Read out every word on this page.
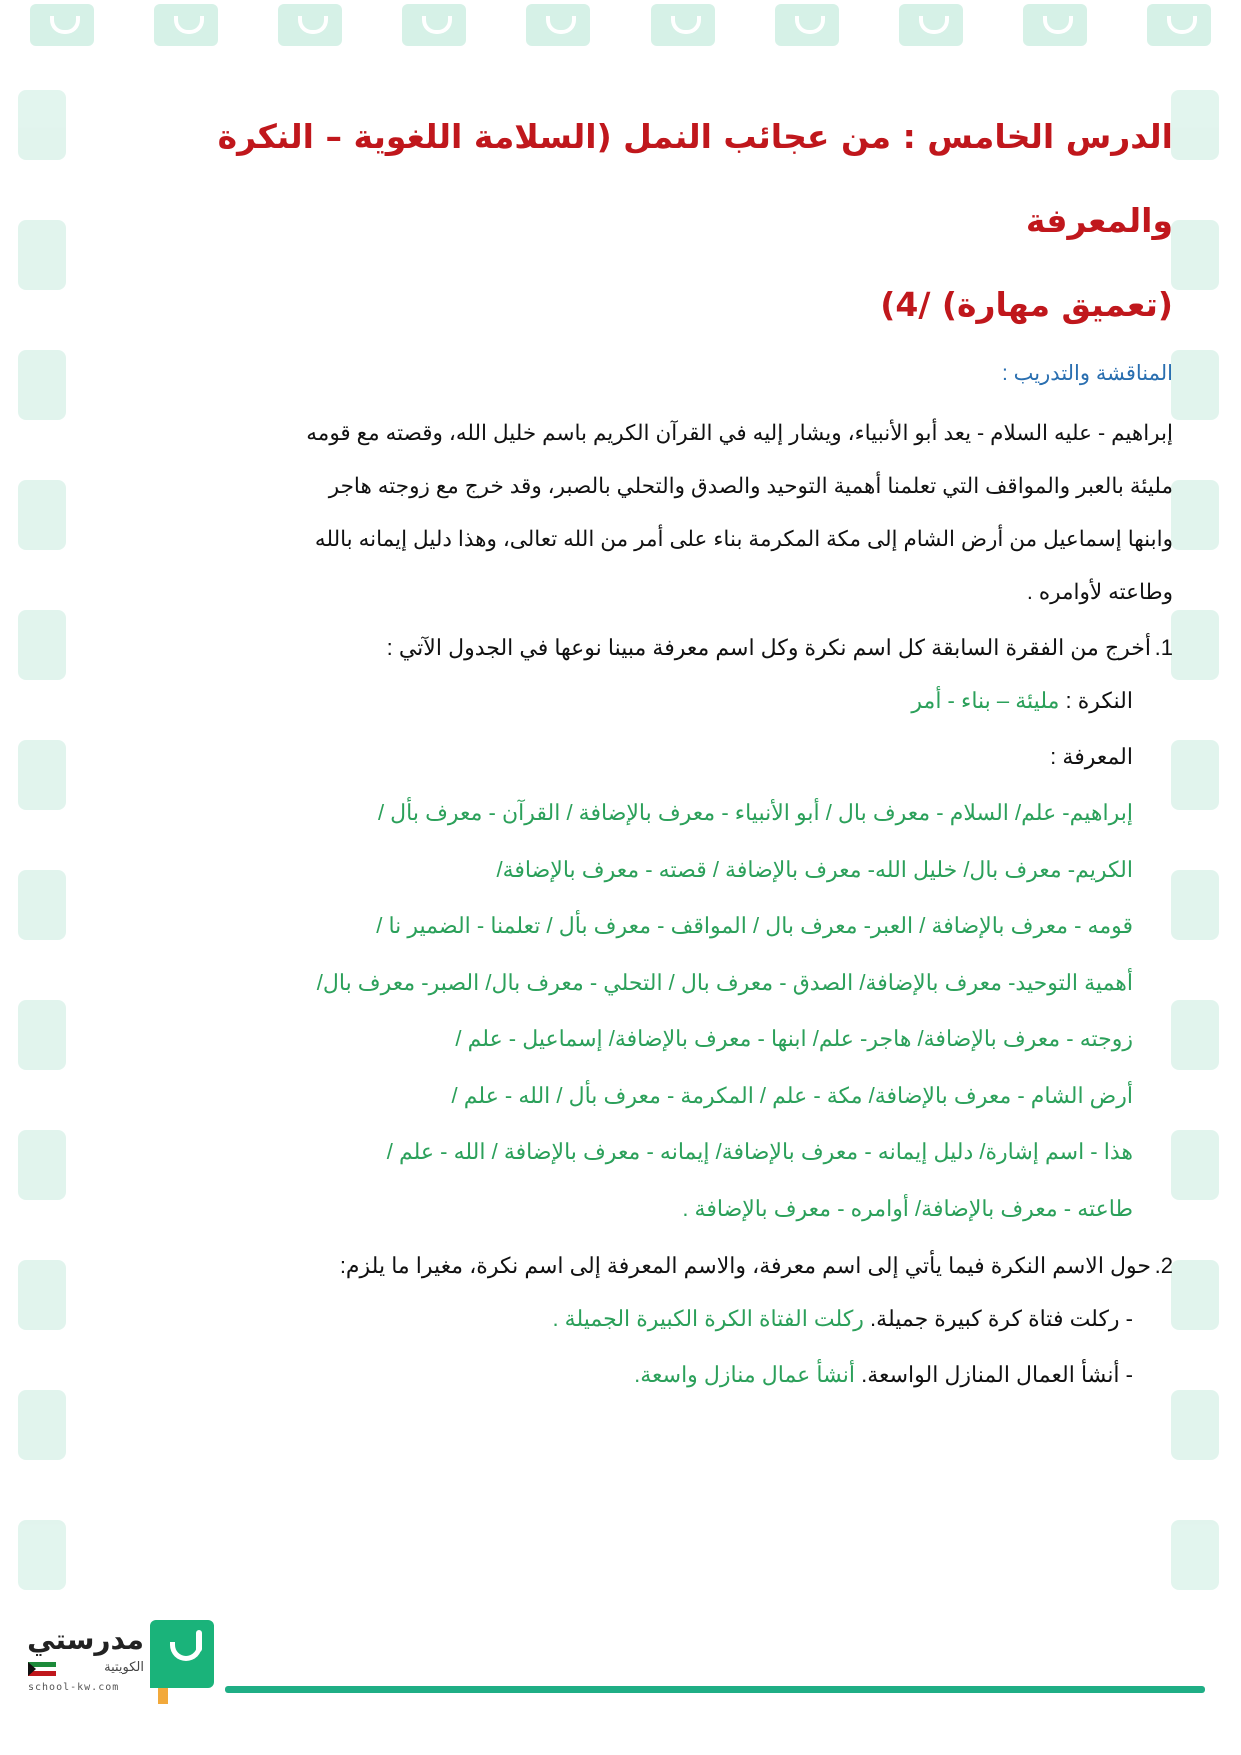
الدرس الخامس : من عجائب النمل (السلامة اللغوية – النكرة والمعرفة
(تعميق مهارة) /4)
المناقشة والتدريب :

إبراهيم - عليه السلام - يعد أبو الأنبياء، ويشار إليه في القرآن الكريم باسم خليل الله، وقصته مع قومه

مليئة بالعبر والمواقف التي تعلمنا أهمية التوحيد والصدق والتحلي بالصبر، وقد خرج مع زوجته هاجر

وابنها إسماعيل من أرض الشام إلى مكة المكرمة بناء على أمر من الله تعالى، وهذا دليل إيمانه بالله

وطاعته لأوامره .

1.
أخرج من الفقرة السابقة كل اسم نكرة وكل اسم معرفة مبينا نوعها في الجدول الآتي :
النكرة : مليئة – بناء - أمر
المعرفة :
إبراهيم- علم/ السلام - معرف بال / أبو الأنبياء - معرف بالإضافة / القرآن - معرف بأل /
الكريم- معرف بال/ خليل الله- معرف بالإضافة / قصته - معرف بالإضافة/
قومه - معرف بالإضافة / العبر- معرف بال / المواقف - معرف بأل / تعلمنا - الضمير نا /
أهمية التوحيد- معرف بالإضافة/ الصدق - معرف بال / التحلي - معرف بال/ الصبر- معرف بال/
زوجته - معرف بالإضافة/ هاجر- علم/ ابنها - معرف بالإضافة/ إسماعيل - علم /
أرض الشام - معرف بالإضافة/ مكة - علم / المكرمة - معرف بأل / الله - علم /
هذا - اسم إشارة/ دليل إيمانه - معرف بالإضافة/ إيمانه - معرف بالإضافة / الله - علم /
طاعته - معرف بالإضافة/ أوامره - معرف بالإضافة .
2.
حول الاسم النكرة فيما يأتي إلى اسم معرفة، والاسم المعرفة إلى اسم نكرة، مغيرا ما يلزم:
- ركلت فتاة كرة كبيرة جميلة. ركلت الفتاة الكرة الكبيرة الجميلة .
- أنشأ العمال المنازل الواسعة. أنشأ عمال منازل واسعة.
مدرستي
الكويتية
school-kw.com
